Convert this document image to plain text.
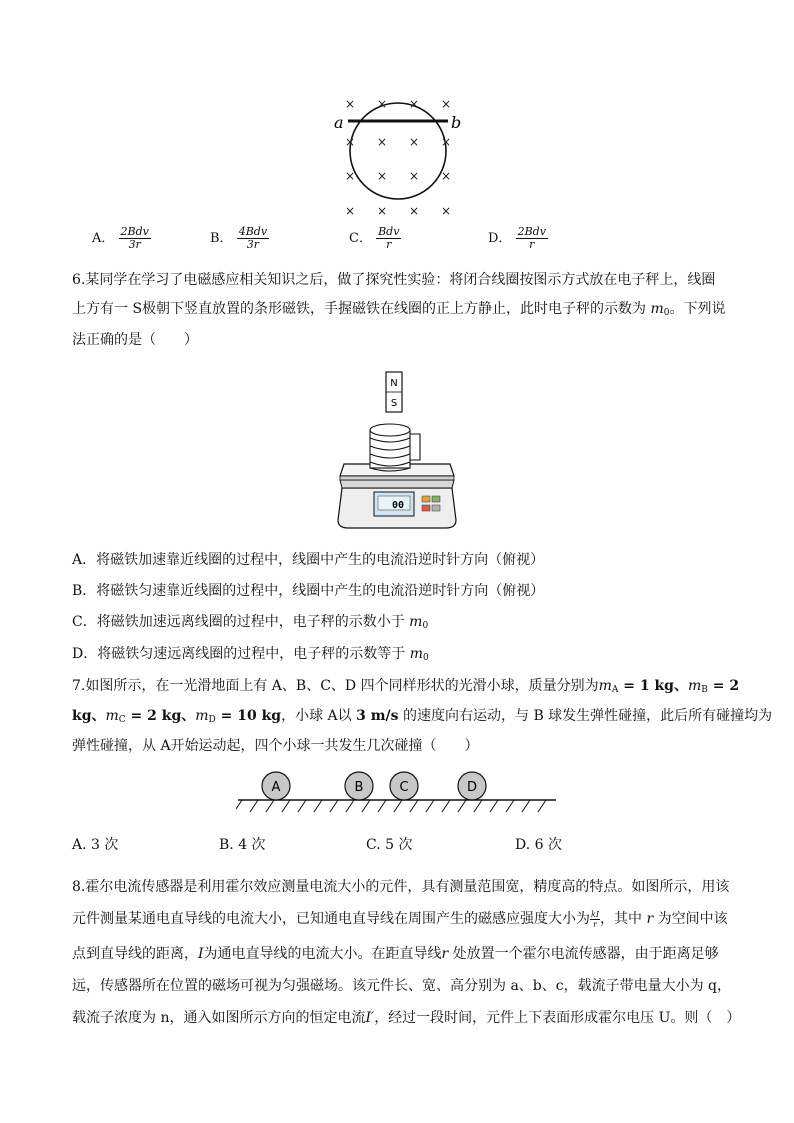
× × × ×
× × × ×
× × × ×
× × × ×
a	b
A． $\frac{\text{2Bdv}}{3r}$	B． $\frac{\text{4Bdv}}{3r}$	C． $\frac{\text{Bdv}}{r}$	D． $\frac{\text{2Bdv}}{r}$
6.某同学在学习了电磁感应相关知识之后，做了探究性实验：将闭合线圈按图示方式放在电子秤上，线圈
上方有一 S极朝下竖直放置的条形磁铁，手握磁铁在线圈的正上方静止，此时电子秤的示数为 $m_0$。下列说
法正确的是（　　）
N
S
00
A．将磁铁加速靠近线圈的过程中，线圈中产生的电流沿逆时针方向（俯视）
B．将磁铁匀速靠近线圈的过程中，线圈中产生的电流沿逆时针方向（俯视）
C．将磁铁加速远离线圈的过程中，电子秤的示数小于 $m_0$
D．将磁铁匀速远离线圈的过程中，电子秤的示数等于 $m_0$
7.如图所示，在一光滑地面上有 A、B、C、D 四个同样形状的光滑小球，质量分别为$m_A = 1$ kg、$m_B = 2$
kg、$m_C = 2$ kg、$m_D = 10$ kg，小球 A以 3 m/s 的速度向右运动，与 B 球发生弹性碰撞，此后所有碰撞均为
弹性碰撞，从 A开始运动起，四个小球一共发生几次碰撞（　　）
A	B	C	D
A. 3 次	B. 4 次	C. 5 次	D. 6 次
8.霍尔电流传感器是利用霍尔效应测量电流大小的元件，具有测量范围宽，精度高的特点。如图所示，用该
元件测量某通电直导线的电流大小，已知通电直导线在周围产生的磁感应强度大小为 $\frac{kI}{r}$ ，其中 r 为空间中该
点到直导线的距离，I为通电直导线的电流大小。在距直导线r 处放置一个霍尔电流传感器，由于距离足够
远，传感器所在位置的磁场可视为匀强磁场。该元件长、宽、高分别为 a、b、c，载流子带电量大小为 q，
载流子浓度为 n，通入如图所示方向的恒定电流I′，经过一段时间，元件上下表面形成霍尔电压 U。则（　）
